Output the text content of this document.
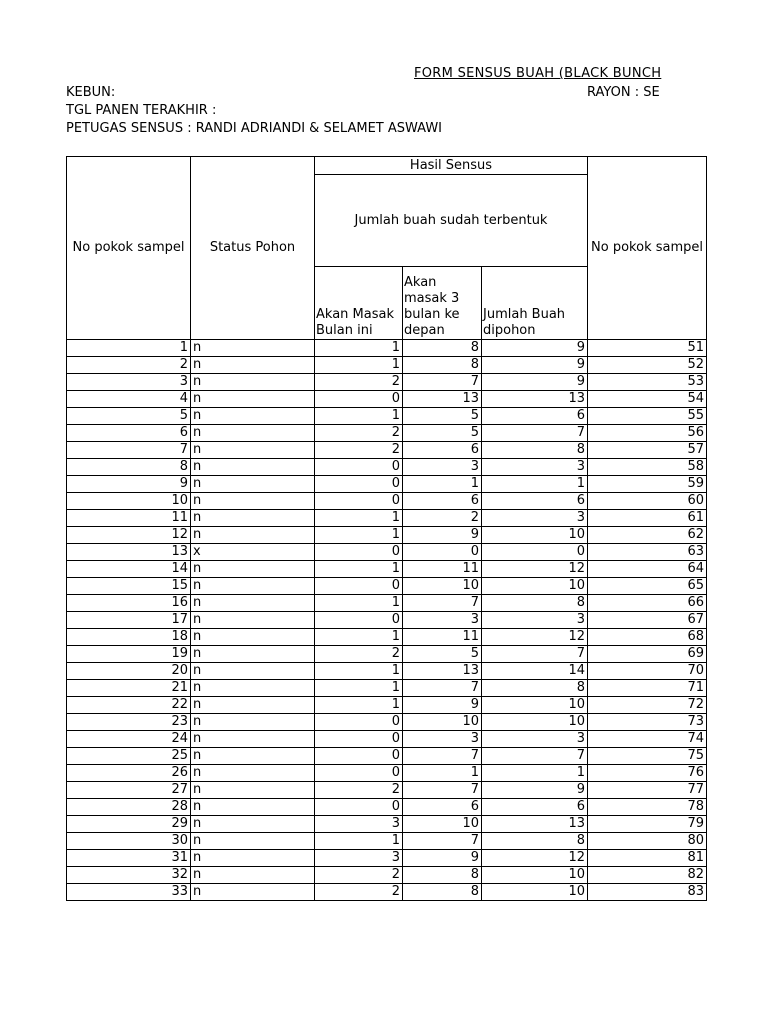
FORM SENSUS BUAH (BLACK BUNCH
KEBUN:	RAYON : SE
TGL PANEN TERAKHIR :
PETUGAS SENSUS : RANDI ADRIANDI & SELAMET ASWAWI
No pokok sampel	Status Pohon	Hasil Sensus			No pokok sampel
		Jumlah buah sudah terbentuk			
		Akan Masak Bulan ini	Akan masak 3 bulan ke depan	Jumlah Buah dipohon	
1	n	1	8	9	51
2	n	1	8	9	52
3	n	2	7	9	53
4	n	0	13	13	54
5	n	1	5	6	55
6	n	2	5	7	56
7	n	2	6	8	57
8	n	0	3	3	58
9	n	0	1	1	59
10	n	0	6	6	60
11	n	1	2	3	61
12	n	1	9	10	62
13	x	0	0	0	63
14	n	1	11	12	64
15	n	0	10	10	65
16	n	1	7	8	66
17	n	0	3	3	67
18	n	1	11	12	68
19	n	2	5	7	69
20	n	1	13	14	70
21	n	1	7	8	71
22	n	1	9	10	72
23	n	0	10	10	73
24	n	0	3	3	74
25	n	0	7	7	75
26	n	0	1	1	76
27	n	2	7	9	77
28	n	0	6	6	78
29	n	3	10	13	79
30	n	1	7	8	80
31	n	3	9	12	81
32	n	2	8	10	82
33	n	2	8	10	83
